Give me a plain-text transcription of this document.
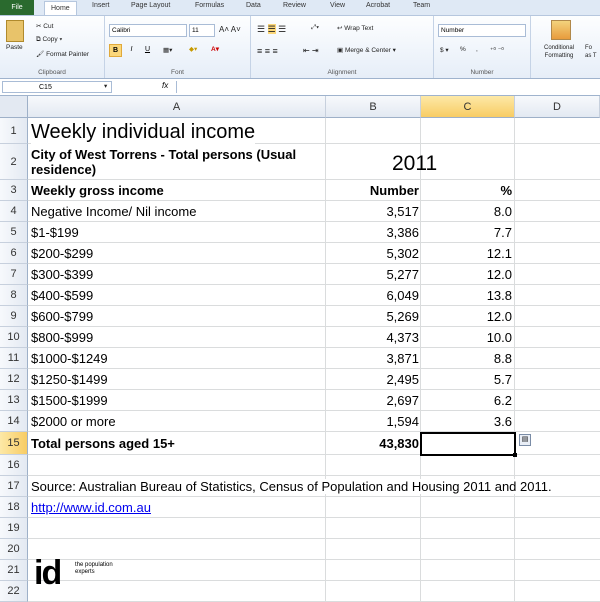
File	Home	Insert	Page Layout	Formulas	Data	Review	View	Acrobat	Team
Paste
✂ Cut
⧉ Copy ▾
🖌 Format Painter
Clipboard
Calibri	11	A˄ A˅
B	I	U	▦▾	◆▾ A▾
Font
☰ ☰ ☰	⤢▾	↩ Wrap Text
≡ ≡ ≡	⇤ ⇥	▣ Merge & Center ▾
Alignment
Number
$ ▾ % , ⁺⁰ ⁻⁰
Number
Conditional Formatting
Fo as T
C15	▾	fx
A	B	C	D
1
2
3
4
5
6
7
8
9
10
11
12
13
14
15
16
17
18
19
20
21
22
Weekly individual income
City of West Torrens - Total persons (Usual residence)	2011
Weekly gross income	Number	%
Negative Income/ Nil income	3,517	8.0
$1-$199	3,386	7.7
$200-$299	5,302	12.1
$300-$399	5,277	12.0
$400-$599	6,049	13.8
$600-$799	5,269	12.0
$800-$999	4,373	10.0
$1000-$1249	3,871	8.8
$1250-$1499	2,495	5.7
$1500-$1999	2,697	6.2
$2000 or more	1,594	3.6
Total persons aged 15+	43,830	▤
Source: Australian Bureau of Statistics, Census of Population and Housing 2011 and 2011.
http://www.id.com.au
id the population experts
